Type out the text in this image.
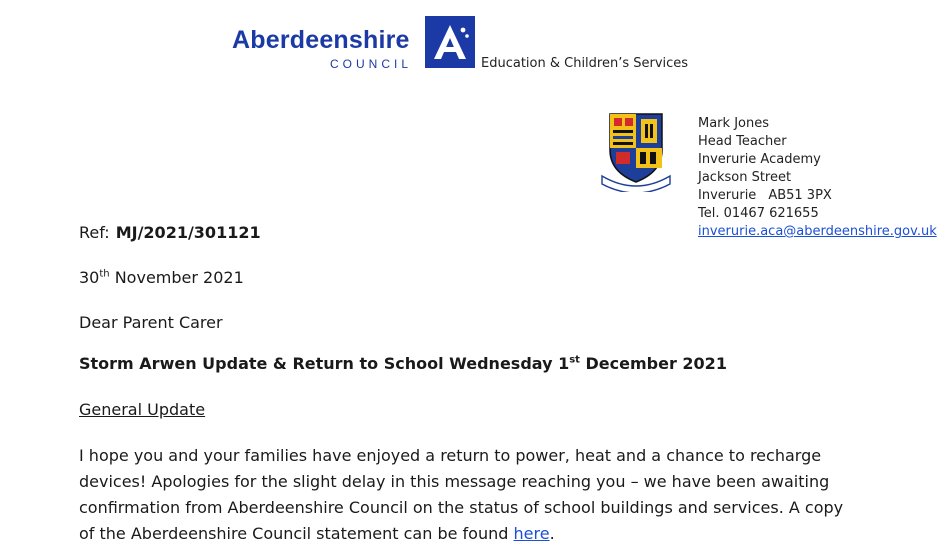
Aberdeenshire
COUNCIL	Education & Children’s Services
Mark Jones
Head Teacher
Inverurie Academy
Jackson Street
Inverurie AB51 3PX
Tel. 01467 621655
inverurie.aca@aberdeenshire.gov.uk
Ref: MJ/2021/301121
30th November 2021
Dear Parent Carer
Storm Arwen Update & Return to School Wednesday 1st December 2021
General Update
I hope you and your families have enjoyed a return to power, heat and a chance to recharge devices! Apologies for the slight delay in this message reaching you – we have been awaiting confirmation from Aberdeenshire Council on the status of school buildings and services. A copy of the Aberdeenshire Council statement can be found here.
